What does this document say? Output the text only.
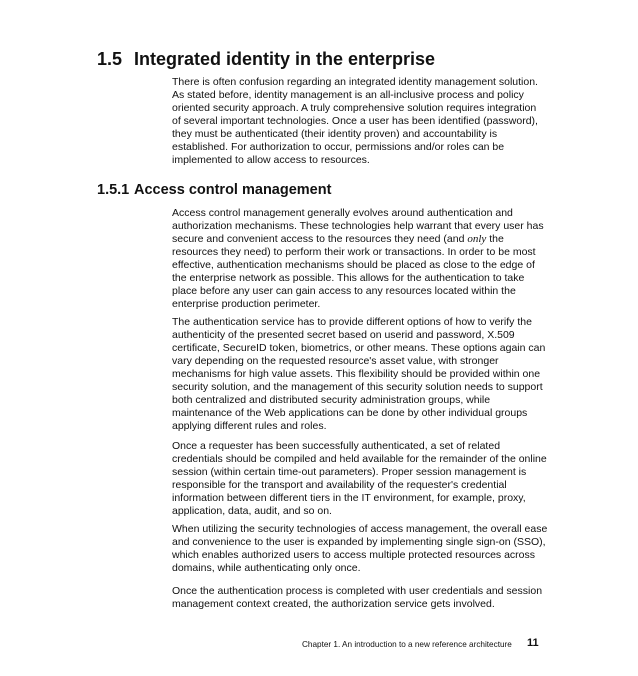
1.5 Integrated identity in the enterprise

There is often confusion regarding an integrated identity management solution.
As stated before, identity management is an all-inclusive process and policy
oriented security approach. A truly comprehensive solution requires integration
of several important technologies. Once a user has been identified (password),
they must be authenticated (their identity proven) and accountability is
established. For authorization to occur, permissions and/or roles can be
implemented to allow access to resources.

1.5.1 Access control management

Access control management generally evolves around authentication and
authorization mechanisms. These technologies help warrant that every user has
secure and convenient access to the resources they need (and only the
resources they need) to perform their work or transactions. In order to be most
effective, authentication mechanisms should be placed as close to the edge of
the enterprise network as possible. This allows for the authentication to take
place before any user can gain access to any resources located within the
enterprise production perimeter.

The authentication service has to provide different options of how to verify the
authenticity of the presented secret based on userid and password, X.509
certificate, SecureID token, biometrics, or other means. These options again can
vary depending on the requested resource's asset value, with stronger
mechanisms for high value assets. This flexibility should be provided within one
security solution, and the management of this security solution needs to support
both centralized and distributed security administration groups, while
maintenance of the Web applications can be done by other individual groups
applying different rules and roles.

Once a requester has been successfully authenticated, a set of related
credentials should be compiled and held available for the remainder of the online
session (within certain time-out parameters). Proper session management is
responsible for the transport and availability of the requester's credential
information between different tiers in the IT environment, for example, proxy,
application, data, audit, and so on.

When utilizing the security technologies of access management, the overall ease
and convenience to the user is expanded by implementing single sign-on (SSO),
which enables authorized users to access multiple protected resources across
domains, while authenticating only once.

Once the authentication process is completed with user credentials and session
management context created, the authorization service gets involved.

Chapter 1. An introduction to a new reference architecture 11
